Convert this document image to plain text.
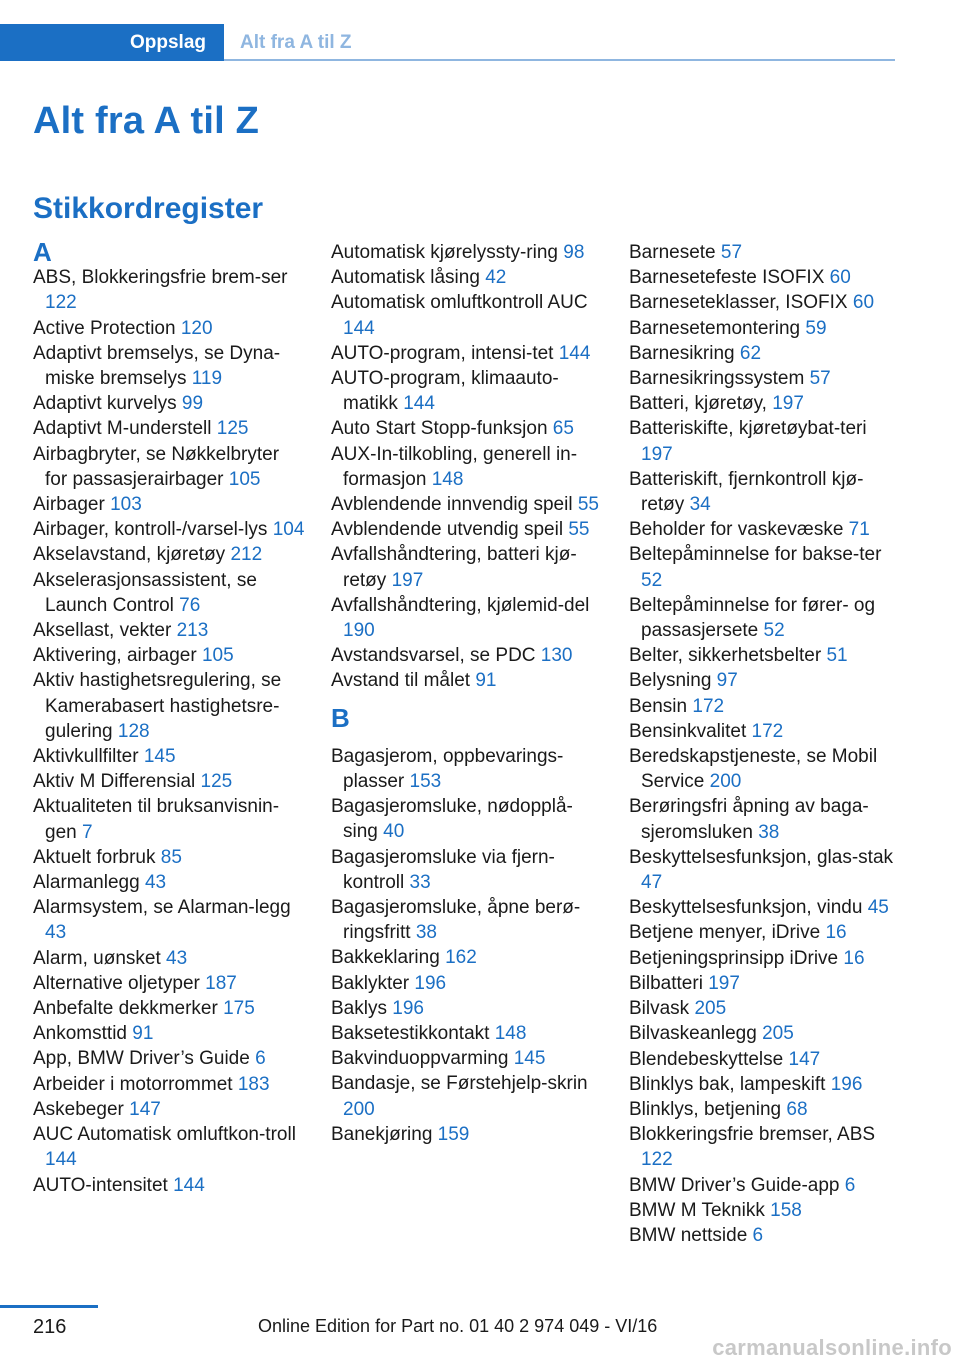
Oppslag	Alt fra A til Z
Alt fra A til Z
Stikkordregister
A
ABS, Blokkeringsfrie brem‐ser 122
Active Protection 120
Adaptivt bremselys, se Dyna‐miske bremselys 119
Adaptivt kurvelys 99
Adaptivt M-understell 125
Airbagbryter, se Nøkkelbryter for passasjerairbager 105
Airbager 103
Airbager, kontroll-/varsel‐lys 104
Akselavstand, kjøretøy 212
Akselerasjonsassistent, se Launch Control 76
Aksellast, vekter 213
Aktivering, airbager 105
Aktiv hastighetsregulering, se Kamerabasert hastighetsre‐gulering 128
Aktivkullfilter 145
Aktiv M Differensial 125
Aktualiteten til bruksanvisnin‐gen 7
Aktuelt forbruk 85
Alarmanlegg 43
Alarmsystem, se Alarman‐legg 43
Alarm, uønsket 43
Alternative oljetyper 187
Anbefalte dekkmerker 175
Ankomsttid 91
App, BMW Driver’s Guide 6
Arbeider i motorrommet 183
Askebeger 147
AUC Automatisk omluftkon‐troll 144
AUTO-intensitet 144
Automatisk kjørelyssty‐ring 98
Automatisk låsing 42
Automatisk omluftkontroll AUC 144
AUTO-program, intensi‐tet 144
AUTO-program, klimaauto‐matikk 144
Auto Start Stopp-funksjon 65
AUX-In-tilkobling, generell in‐formasjon 148
Avblendende innvendig speil 55
Avblendende utvendig speil 55
Avfallshåndtering, batteri kjø‐retøy 197
Avfallshåndtering, kjølemid‐del 190
Avstandsvarsel, se PDC 130
Avstand til målet 91
B
Bagasjerom, oppbevarings‐plasser 153
Bagasjeromsluke, nødopplå‐sing 40
Bagasjeromsluke via fjern‐kontroll 33
Bagasjeromsluke, åpne berø‐ringsfritt 38
Bakkeklaring 162
Baklykter 196
Baklys 196
Baksetestikkontakt 148
Bakvinduoppvarming 145
Bandasje, se Førstehjelp‐skrin 200
Banekjøring 159
Barnesete 57
Barnesetefeste ISOFIX 60
Barneseteklasser, ISOFIX 60
Barnesetemontering 59
Barnesikring 62
Barnesikringssystem 57
Batteri, kjøretøy, 197
Batteriskifte, kjøretøybat‐teri 197
Batteriskift, fjernkontroll kjø‐retøy 34
Beholder for vaskevæske 71
Beltepåminnelse for bakse‐ter 52
Beltepåminnelse for fører- og passasjersete 52
Belter, sikkerhetsbelter 51
Belysning 97
Bensin 172
Bensinkvalitet 172
Beredskapstjeneste, se Mobil Service 200
Berøringsfri åpning av baga‐sjeromsluken 38
Beskyttelsesfunksjon, glas‐stak 47
Beskyttelsesfunksjon, vindu 45
Betjene menyer, iDrive 16
Betjeningsprinsipp iDrive 16
Bilbatteri 197
Bilvask 205
Bilvaskeanlegg 205
Blendebeskyttelse 147
Blinklys bak, lampeskift 196
Blinklys, betjening 68
Blokkeringsfrie bremser, ABS 122
BMW Driver’s Guide-app 6
BMW M Teknikk 158
BMW nettside 6
216	Online Edition for Part no. 01 40 2 974 049 - VI/16
carmanualsonline.info
